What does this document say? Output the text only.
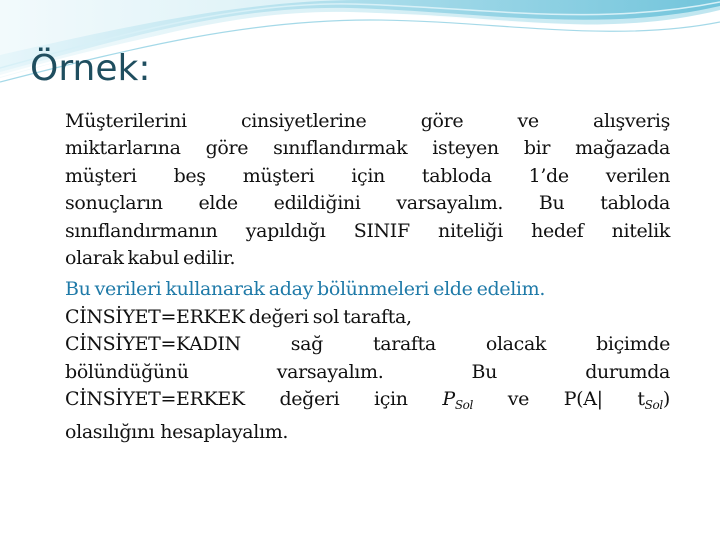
Örnek:

Müşterilerini cinsiyetlerine göre ve alışveriş
miktarlarına göre sınıflandırmak isteyen bir mağazada
müşteri beş müşteri için tabloda 1’de verilen
sonuçların elde edildiğini varsayalım. Bu tabloda
sınıflandırmanın yapıldığı SINIF niteliği hedef nitelik
olarak kabul edilir.

Bu verileri kullanarak aday bölünmeleri elde edelim.

CİNSİYET=ERKEK değeri sol tarafta,
CİNSİYET=KADIN sağ tarafta olacak biçimde
bölündüğünü varsayalım. Bu durumda
CİNSİYET=ERKEK değeri için $P_{Sol}$ ve P(A| $t_{Sol}$)
olasılığını hesaplayalım.
